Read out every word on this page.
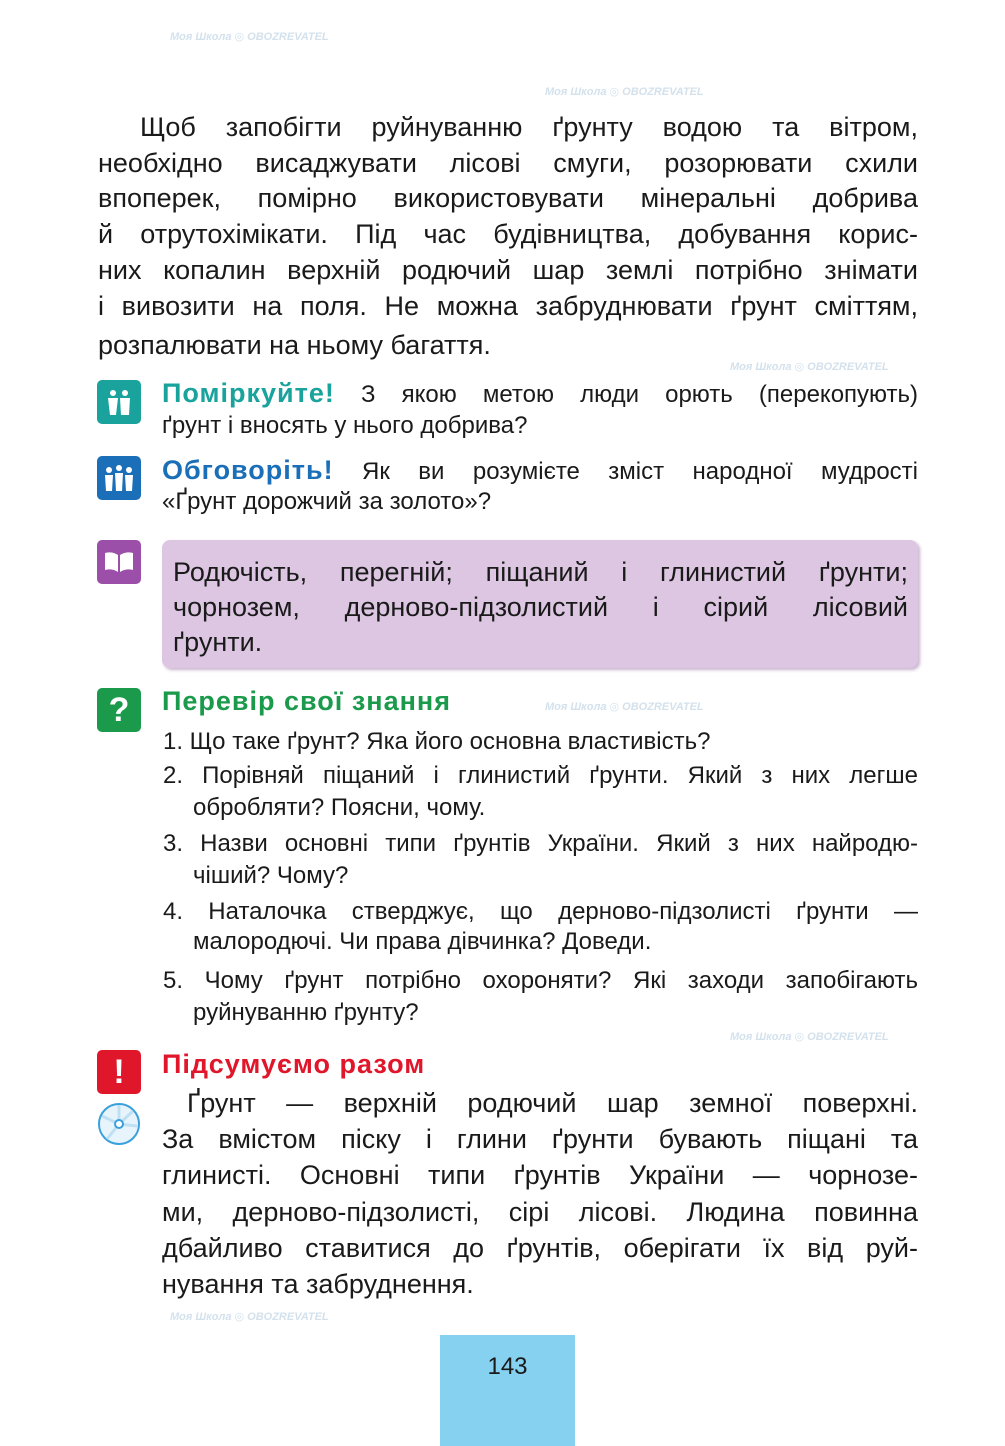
Моя Школа ◎ OBOZREVATEL
Моя Школа ◎ OBOZREVATEL
Моя Школа ◎ OBOZREVATEL
Моя Школа ◎ OBOZREVATEL
Моя Школа ◎ OBOZREVATEL
Моя Школа ◎ OBOZREVATEL
Щоб запобігти руйнуванню ґрунту водою та вітром,
необхідно висаджувати лісові смуги, розорювати схили
впоперек, помірно використовувати мінеральні добрива
й отрутохімікати. Під час будівництва, добування корис-
них копалин верхній родючий шар землі потрібно знімати
і вивозити на поля. Не можна забруднювати ґрунт сміттям,
розпалювати на ньому багаття.
Поміркуйте! З якою метою люди орють (перекопують)
ґрунт і вносять у нього добрива?
Обговоріть! Як ви розумієте зміст народної мудрості
«Ґрунт дорожчий за золото»?
Родючість, перегній; піщаний і глинистий ґрунти;
чорнозем, дерново-підзолистий і сірий лісовий
ґрунти.
?	Перевір свої знання
1. Що таке ґрунт? Яка його основна властивість?
2. Порівняй піщаний і глинистий ґрунти. Який з них легше
обробляти? Поясни, чому.
3. Назви основні типи ґрунтів України. Який з них найродю-
чіший? Чому?
4. Наталочка стверджує, що дерново-підзолисті ґрунти —
малородючі. Чи права дівчинка? Доведи.
5. Чому ґрунт потрібно охороняти? Які заходи запобігають
руйнуванню ґрунту?
!	Підсумуємо разом
Ґрунт — верхній родючий шар земної поверхні.
За вмістом піску і глини ґрунти бувають піщані та
глинисті. Основні типи ґрунтів України — чорнозе-
ми, дерново-підзолисті, сірі лісові. Людина повинна
дбайливо ставитися до ґрунтів, оберігати їх від руй-
нування та забруднення.
143
